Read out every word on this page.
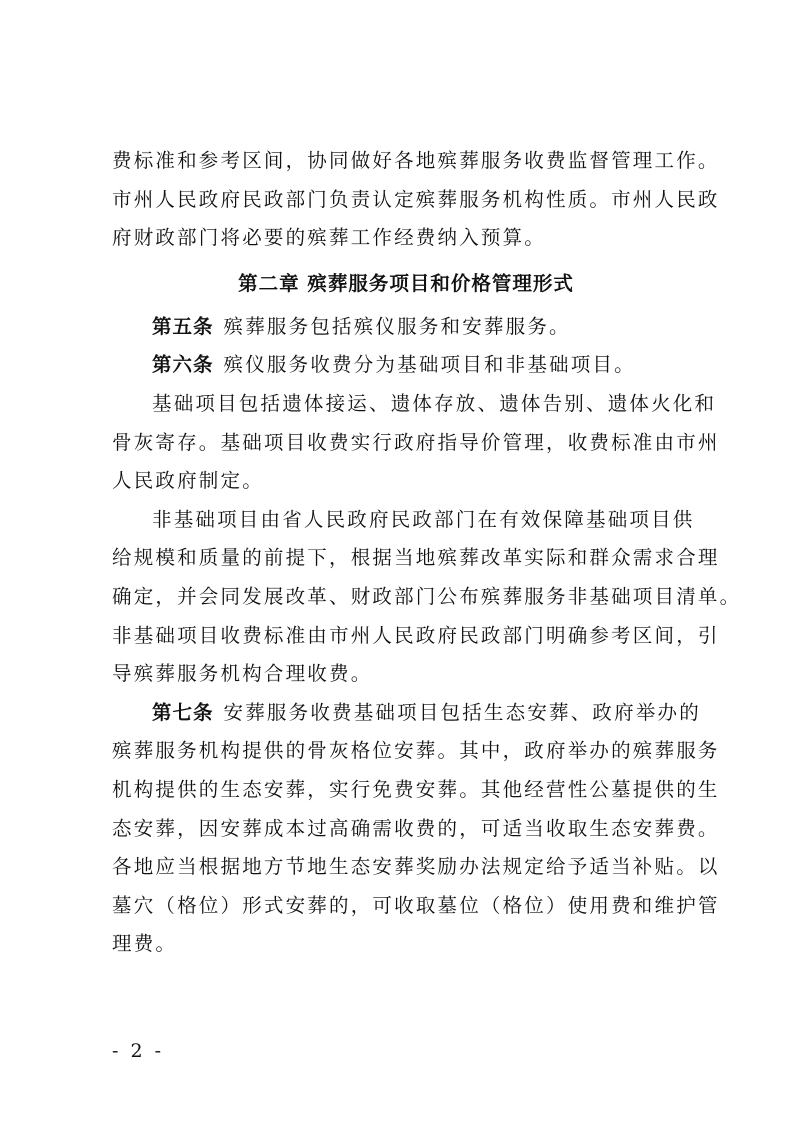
费标准和参考区间，协同做好各地殡葬服务收费监督管理工作。
市州人民政府民政部门负责认定殡葬服务机构性质。市州人民政
府财政部门将必要的殡葬工作经费纳入预算。
第二章 殡葬服务项目和价格管理形式
第五条 殡葬服务包括殡仪服务和安葬服务。
第六条 殡仪服务收费分为基础项目和非基础项目。
基础项目包括遗体接运、遗体存放、遗体告别、遗体火化和
骨灰寄存。基础项目收费实行政府指导价管理，收费标准由市州
人民政府制定。
非基础项目由省人民政府民政部门在有效保障基础项目供
给规模和质量的前提下，根据当地殡葬改革实际和群众需求合理
确定，并会同发展改革、财政部门公布殡葬服务非基础项目清单。
非基础项目收费标准由市州人民政府民政部门明确参考区间，引
导殡葬服务机构合理收费。
第七条 安葬服务收费基础项目包括生态安葬、政府举办的
殡葬服务机构提供的骨灰格位安葬。其中，政府举办的殡葬服务
机构提供的生态安葬，实行免费安葬。其他经营性公墓提供的生
态安葬，因安葬成本过高确需收费的，可适当收取生态安葬费。
各地应当根据地方节地生态安葬奖励办法规定给予适当补贴。以
墓穴（格位）形式安葬的，可收取墓位（格位）使用费和维护管
理费。
- 2 -
